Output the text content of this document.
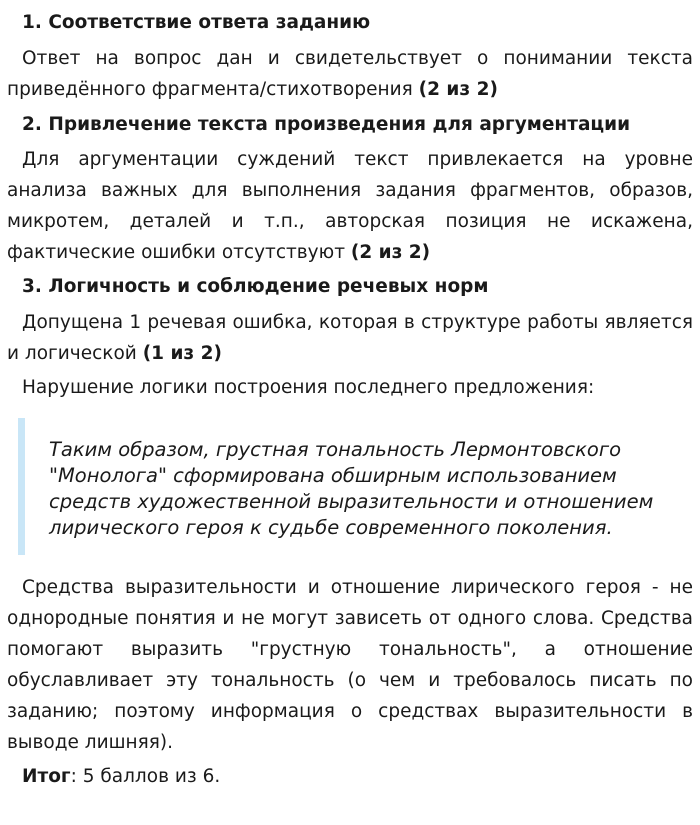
1. Соответствие ответа заданию

Ответ на вопрос дан и свидетельствует о понимании текста приведённого фрагмента/стихотворения (2 из 2)

2. Привлечение текста произведения для аргументации

Для аргументации суждений текст привлекается на уровне анализа важных для выполнения задания фрагментов, образов, микротем, деталей и т.п., авторская позиция не искажена, фактические ошибки отсутствуют (2 из 2)

3. Логичность и соблюдение речевых норм

Допущена 1 речевая ошибка, которая в структуре работы является и логической (1 из 2)

Нарушение логики построения последнего предложения:

Таким образом, грустная тональность Лермонтовского
"Монолога" сформирована обширным использованием
средств художественной выразительности и отношением
лирического героя к судьбе современного поколения.

Средства выразительности и отношение лирического героя - не однородные понятия и не могут зависеть от одного слова. Средства помогают выразить "грустную тональность", а отношение обуславливает эту тональность (о чем и требовалось писать по заданию; поэтому информация о средствах выразительности в выводе лишняя).

Итог: 5 баллов из 6.
